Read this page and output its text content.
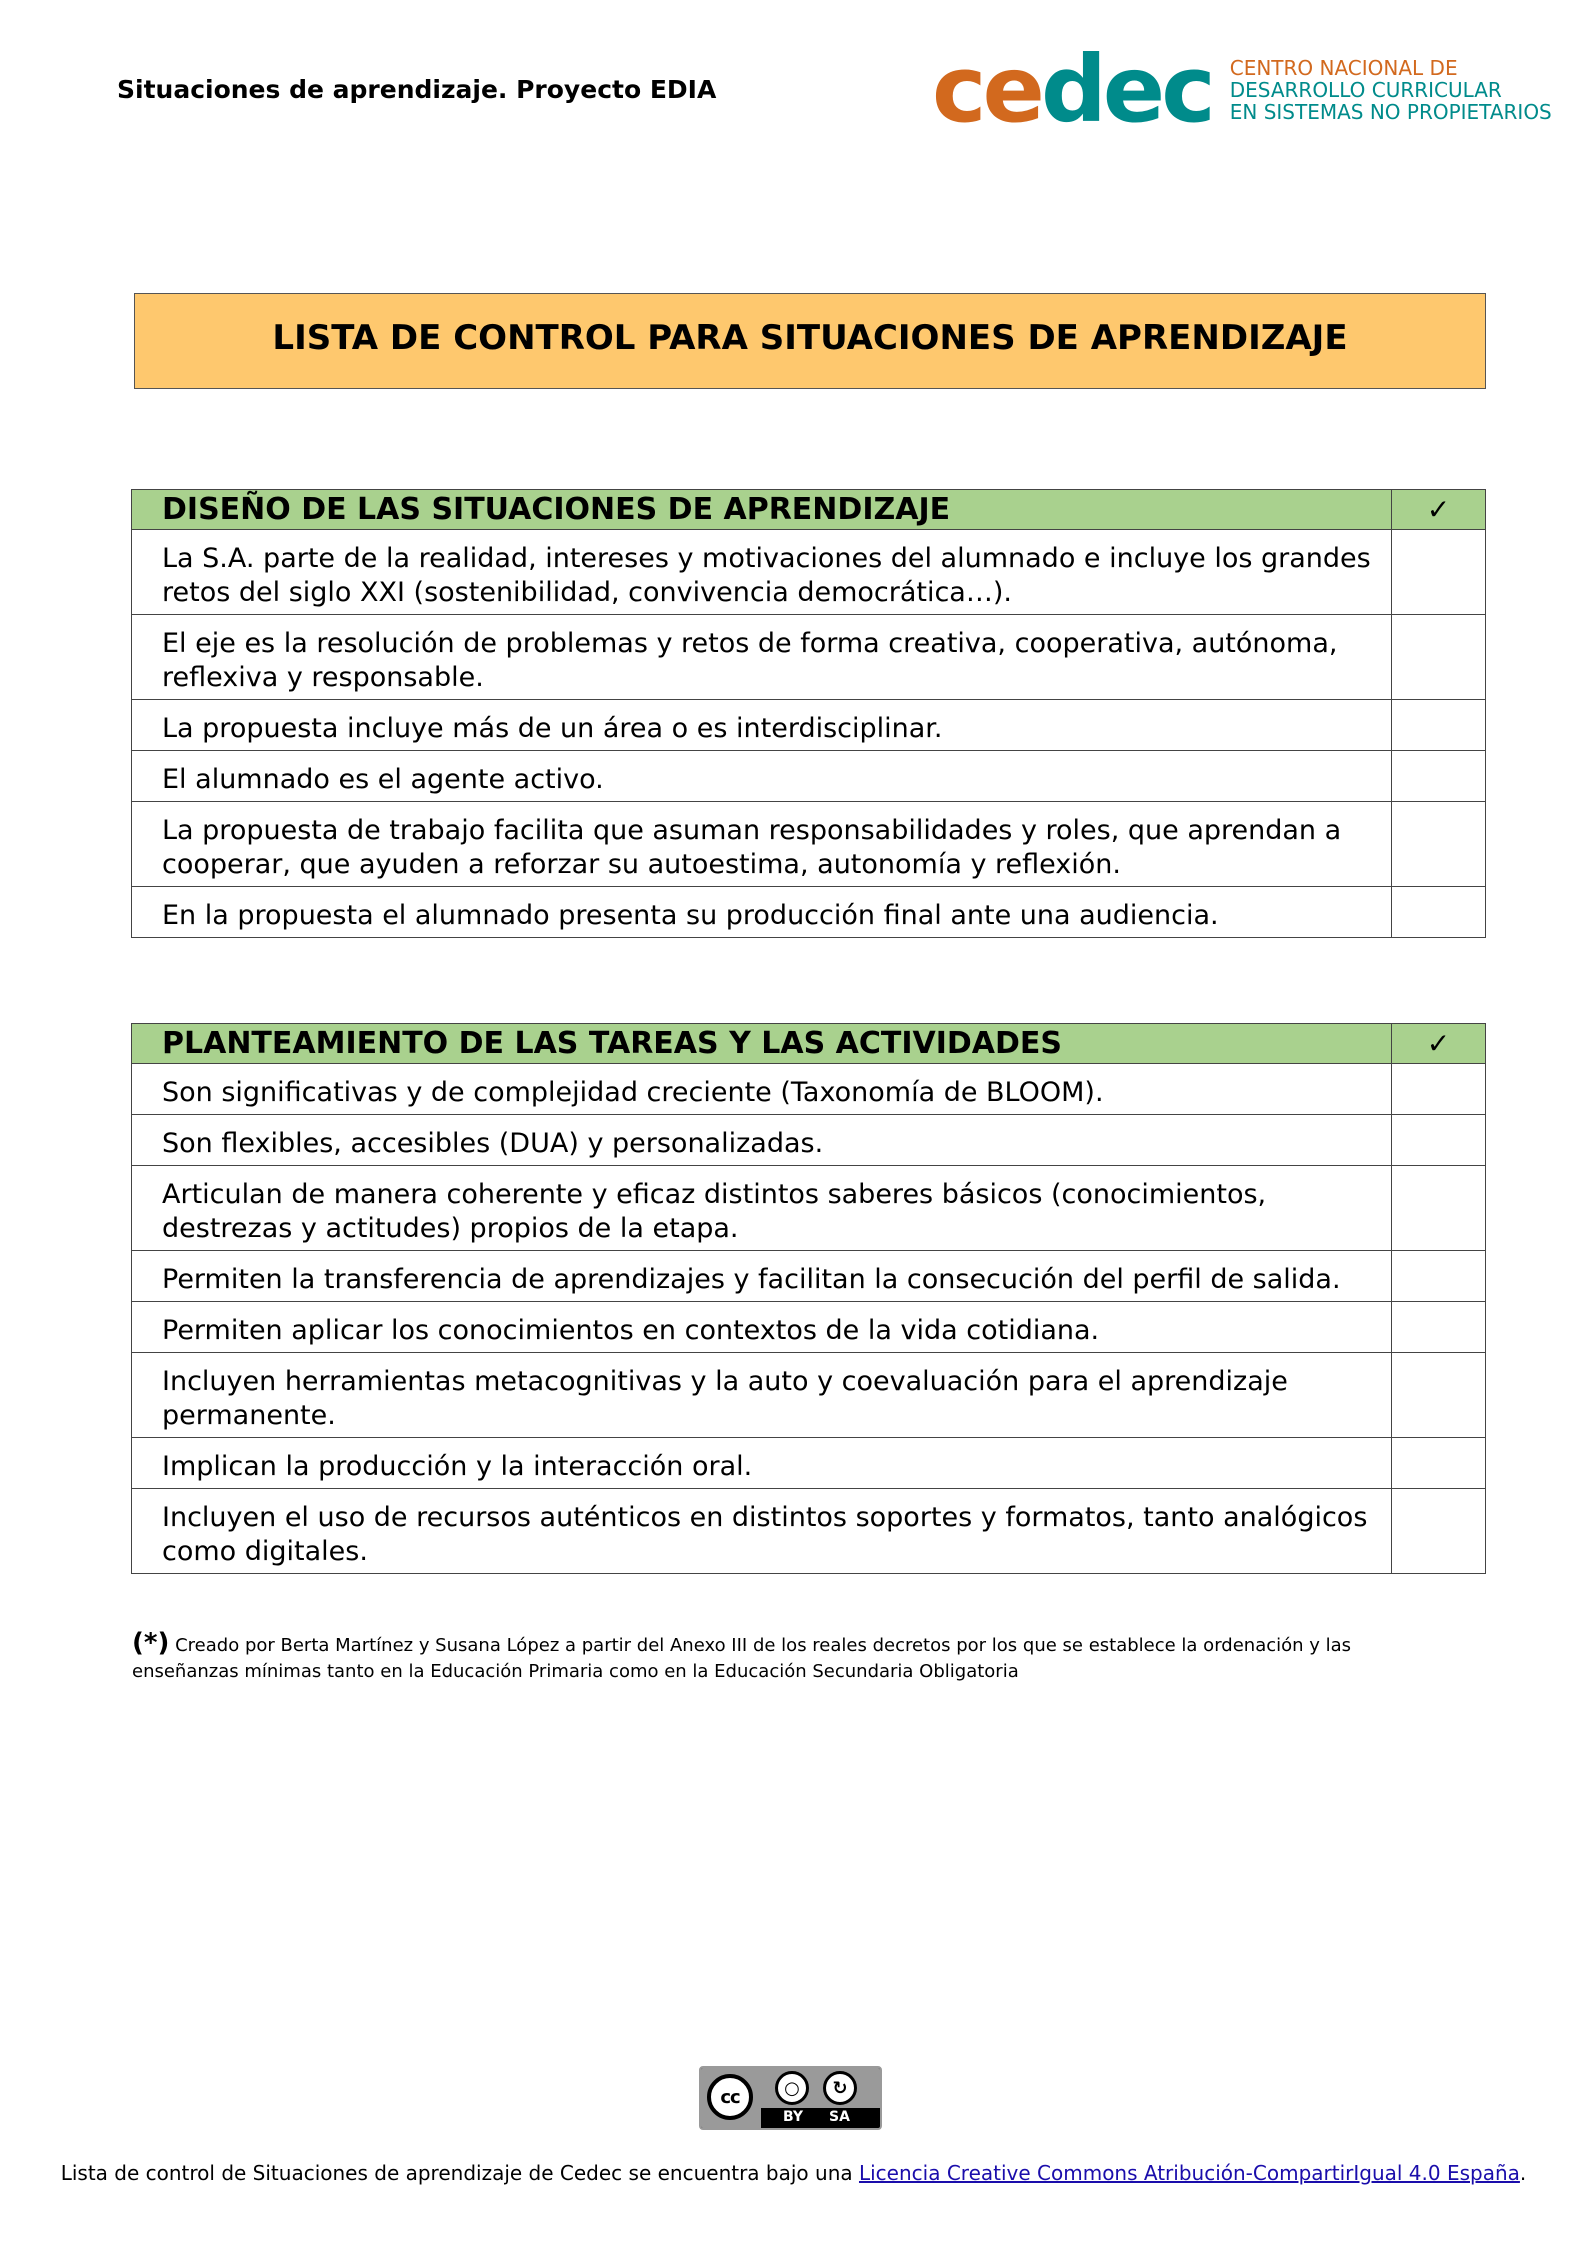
Situaciones de aprendizaje. Proyecto EDIA cedec CENTRO NACIONAL DE
DESARROLLO CURRICULAR
EN SISTEMAS NO PROPIETARIOS
LISTA DE CONTROL PARA SITUACIONES DE APRENDIZAJE
DISEÑO DE LAS SITUACIONES DE APRENDIZAJE	✓
La S.A. parte de la realidad, intereses y motivaciones del alumnado e incluye los grandes retos del siglo XXI (sostenibilidad, convivencia democrática…).	
El eje es la resolución de problemas y retos de forma creativa, cooperativa, autónoma, reflexiva y responsable.	
La propuesta incluye más de un área o es interdisciplinar.	
El alumnado es el agente activo.	
La propuesta de trabajo facilita que asuman responsabilidades y roles, que aprendan a cooperar, que ayuden a reforzar su autoestima, autonomía y reflexión.	
En la propuesta el alumnado presenta su producción final ante una audiencia.	
PLANTEAMIENTO DE LAS TAREAS Y LAS ACTIVIDADES	✓
Son significativas y de complejidad creciente (Taxonomía de BLOOM).	
Son flexibles, accesibles (DUA) y personalizadas.	
Articulan de manera coherente y eficaz distintos saberes básicos (conocimientos, destrezas y actitudes) propios de la etapa.	
Permiten la transferencia de aprendizajes y facilitan la consecución del perfil de salida.	
Permiten aplicar los conocimientos en contextos de la vida cotidiana.	
Incluyen herramientas metacognitivas y la auto y coevaluación para el aprendizaje permanente.	
Implican la producción y la interacción oral.	
Incluyen el uso de recursos auténticos en distintos soportes y formatos, tanto analógicos como digitales.	
(*) Creado por Berta Martínez y Susana López a partir del Anexo III de los reales decretos por los que se establece la ordenación y las enseñanzas mínimas tanto en la Educación Primaria como en la Educación Secundaria Obligatoria
cc	○	↻
BY SA
Lista de control de Situaciones de aprendizaje de Cedec se encuentra bajo una Licencia Creative Commons Atribución-CompartirIgual 4.0 España.
